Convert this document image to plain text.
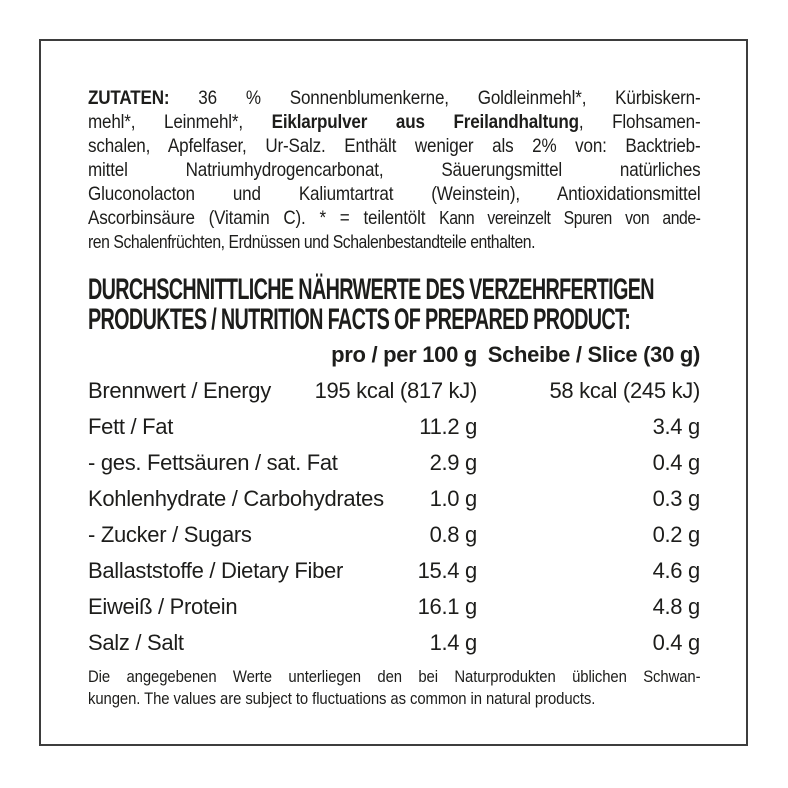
ZUTATEN: 36 % Sonnenblumenkerne, Goldleinmehl*, Kürbiskern-
mehl*, Leinmehl*, Eiklarpulver aus Freilandhaltung, Flohsamen-
schalen, Apfelfaser, Ur-Salz. Enthält weniger als 2% von: Backtrieb-
mittel Natriumhydrogencarbonat, Säuerungsmittel natürliches
Gluconolacton und Kaliumtartrat (Weinstein), Antioxidationsmittel
Ascorbinsäure (Vitamin C). * = teilentölt Kann vereinzelt Spuren von ande-
ren Schalenfrüchten, Erdnüssen und Schalenbestandteile enthalten.
DURCHSCHNITTLICHE NÄHRWERTE DES VERZEHRFERTIGEN
PRODUKTES / NUTRITION FACTS OF PREPARED PRODUCT:
pro / per 100 g Scheibe / Slice (30 g)
Brennwert / Energy	195 kcal (817 kJ)	58 kcal (245 kJ)
Fett / Fat	11.2 g	3.4 g
- ges. Fettsäuren / sat. Fat	2.9 g	0.4 g
Kohlenhydrate / Carbohydrates	1.0 g	0.3 g
- Zucker / Sugars	0.8 g	0.2 g
Ballaststoffe / Dietary Fiber	15.4 g	4.6 g
Eiweiß / Protein	16.1 g	4.8 g
Salz / Salt	1.4 g	0.4 g
Die angegebenen Werte unterliegen den bei Naturprodukten üblichen Schwan-
kungen. The values are subject to fluctuations as common in natural products.
